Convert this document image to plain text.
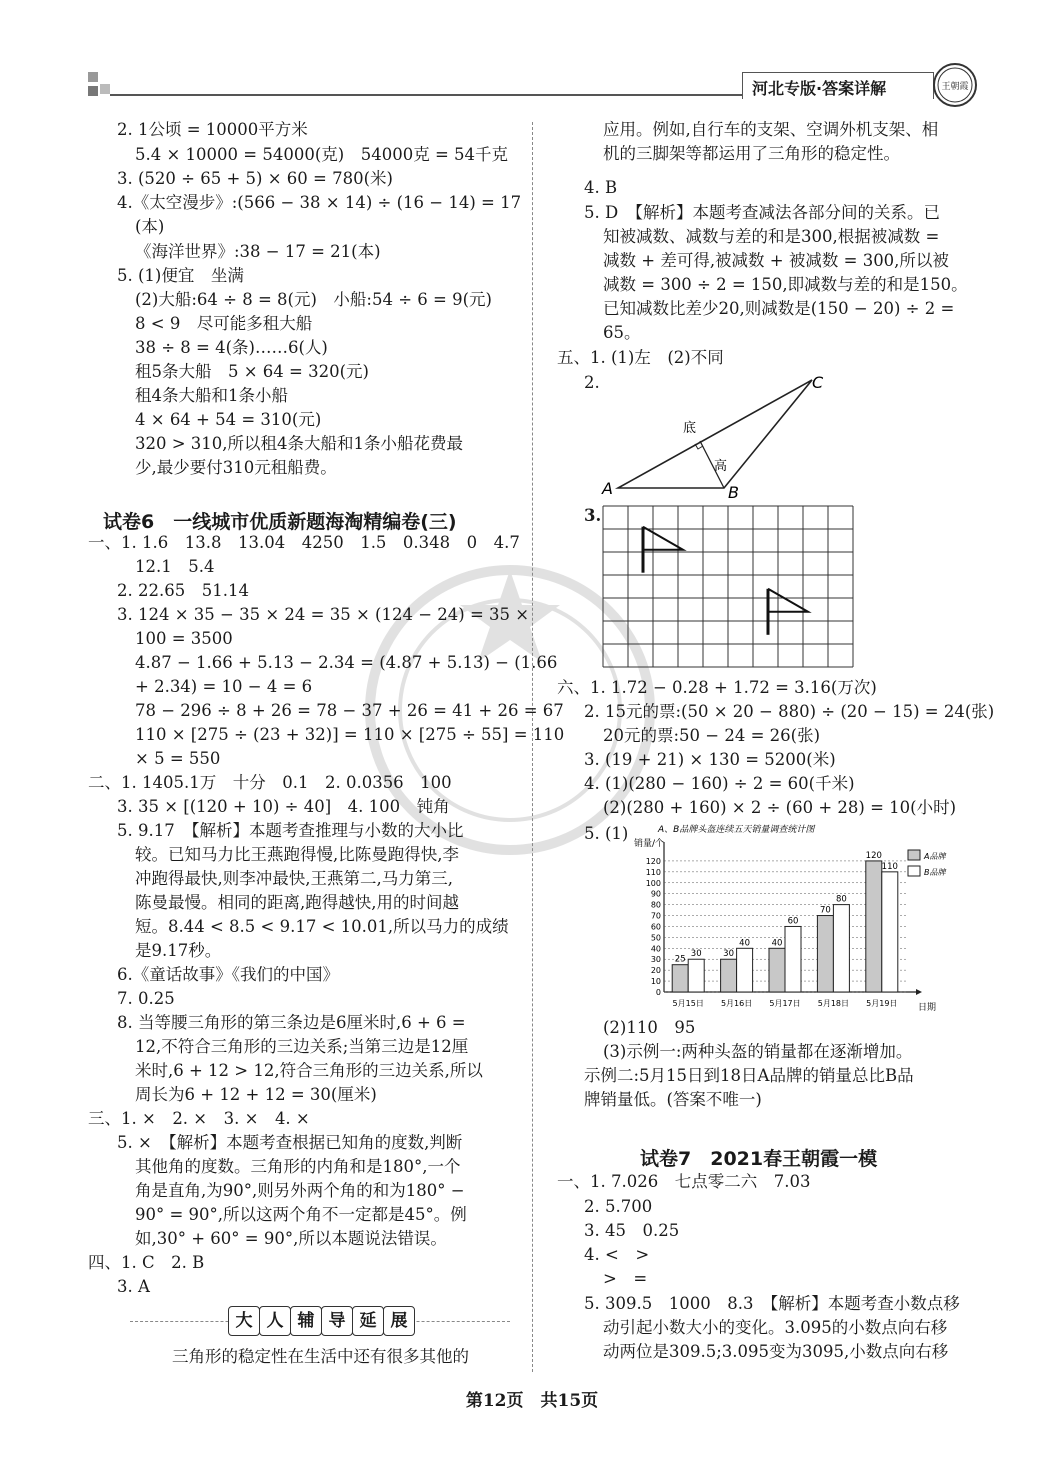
河北专版·答案详解	王朝霞
2. 1公顷 = 10000平方米
5.4 × 10000 = 54000(克)　54000克 = 54千克
3. (520 ÷ 65 + 5) × 60 = 780(米)
4.《太空漫步》:(566 − 38 × 14) ÷ (16 − 14) = 17
(本)
《海洋世界》:38 − 17 = 21(本)
5. (1)便宜　坐满
(2)大船:64 ÷ 8 = 8(元)　小船:54 ÷ 6 = 9(元)
8 < 9　尽可能多租大船
38 ÷ 8 = 4(条)……6(人)
租5条大船　5 × 64 = 320(元)
租4条大船和1条小船
4 × 64 + 54 = 310(元)
320 > 310,所以租4条大船和1条小船花费最
少,最少要付310元租船费。
试卷6　一线城市优质新题海淘精编卷(三)
一、1. 1.6　13.8　13.04　4250　1.5　0.348　0　4.7
12.1　5.4
2. 22.65　51.14
3. 124 × 35 − 35 × 24 = 35 × (124 − 24) = 35 ×
100 = 3500
4.87 − 1.66 + 5.13 − 2.34 = (4.87 + 5.13) − (1.66
+ 2.34) = 10 − 4 = 6
78 − 296 ÷ 8 + 26 = 78 − 37 + 26 = 41 + 26 = 67
110 × [275 ÷ (23 + 32)] = 110 × [275 ÷ 55] = 110
× 5 = 550
二、1. 1405.1万　十分　0.1　2. 0.0356　100
3. 35 × [(120 + 10) ÷ 40]　4. 100　钝角
5. 9.17　【解析】本题考查推理与小数的大小比
较。已知马力比王燕跑得慢,比陈曼跑得快,李
冲跑得最快,则李冲最快,王燕第二,马力第三,
陈曼最慢。相同的距离,跑得越快,用的时间越
短。8.44 < 8.5 < 9.17 < 10.01,所以马力的成绩
是9.17秒。
6.《童话故事》《我们的中国》
7. 0.25
8. 当等腰三角形的第三条边是6厘米时,6 + 6 =
12,不符合三角形的三边关系;当第三边是12厘
米时,6 + 12 > 12,符合三角形的三边关系,所以
周长为6 + 12 + 12 = 30(厘米)
三、1. ×　2. ×　3. ×　4. ×
5. ×　【解析】本题考查根据已知角的度数,判断
其他角的度数。三角形的内角和是180°,一个
角是直角,为90°,则另外两个角的和为180° −
90° = 90°,所以这两个角不一定都是45°。例
如,30° + 60° = 90°,所以本题说法错误。
四、1. C　2. B
3. A
大 人 辅 导 延 展
三角形的稳定性在生活中还有很多其他的
应用。例如,自行车的支架、空调外机支架、相
机的三脚架等都运用了三角形的稳定性。
4. B
5. D　【解析】本题考查减法各部分间的关系。已
知被减数、减数与差的和是300,根据被减数 =
减数 + 差可得,被减数 + 被减数 = 300,所以被
减数 = 300 ÷ 2 = 150,即减数与差的和是150。
已知减数比差少20,则减数是(150 − 20) ÷ 2 =
65。
五、1. (1)左　(2)不同
2.
A	B
C
底
高
3.
六、1. 1.72 − 0.28 + 1.72 = 3.16(万次)
2. 15元的票:(50 × 20 − 880) ÷ (20 − 15) = 24(张)
20元的票:50 − 24 = 26(张)
3. (19 + 21) × 130 = 5200(米)
4. (1)(280 − 160) ÷ 2 = 60(千米)
(2)(280 + 160) × 2 ÷ (60 + 28) = 10(小时)
5. (1)	A、B品牌头盔连续五天销量调查统计图
销量/个
日期
0
10
20
30
40
50
60
70
80
90
100
110
120
5月15日
25
30
5月16日
30
40
5月17日
40
60
5月18日
70
80
5月19日
120
110
A品牌
B品牌
(2)110　95
(3)示例一:两种头盔的销量都在逐渐增加。
示例二:5月15日到18日A品牌的销量总比B品
牌销量低。(答案不唯一)
试卷7　2021春王朝霞一模
一、1. 7.026　七点零二六　7.03
2. 5.700
3. 45　0.25
4. <　>
>　=
5. 309.5　1000　8.3　【解析】本题考查小数点移
动引起小数大小的变化。3.095的小数点向右移
动两位是309.5;3.095变为3095,小数点向右移
第12页　共15页
